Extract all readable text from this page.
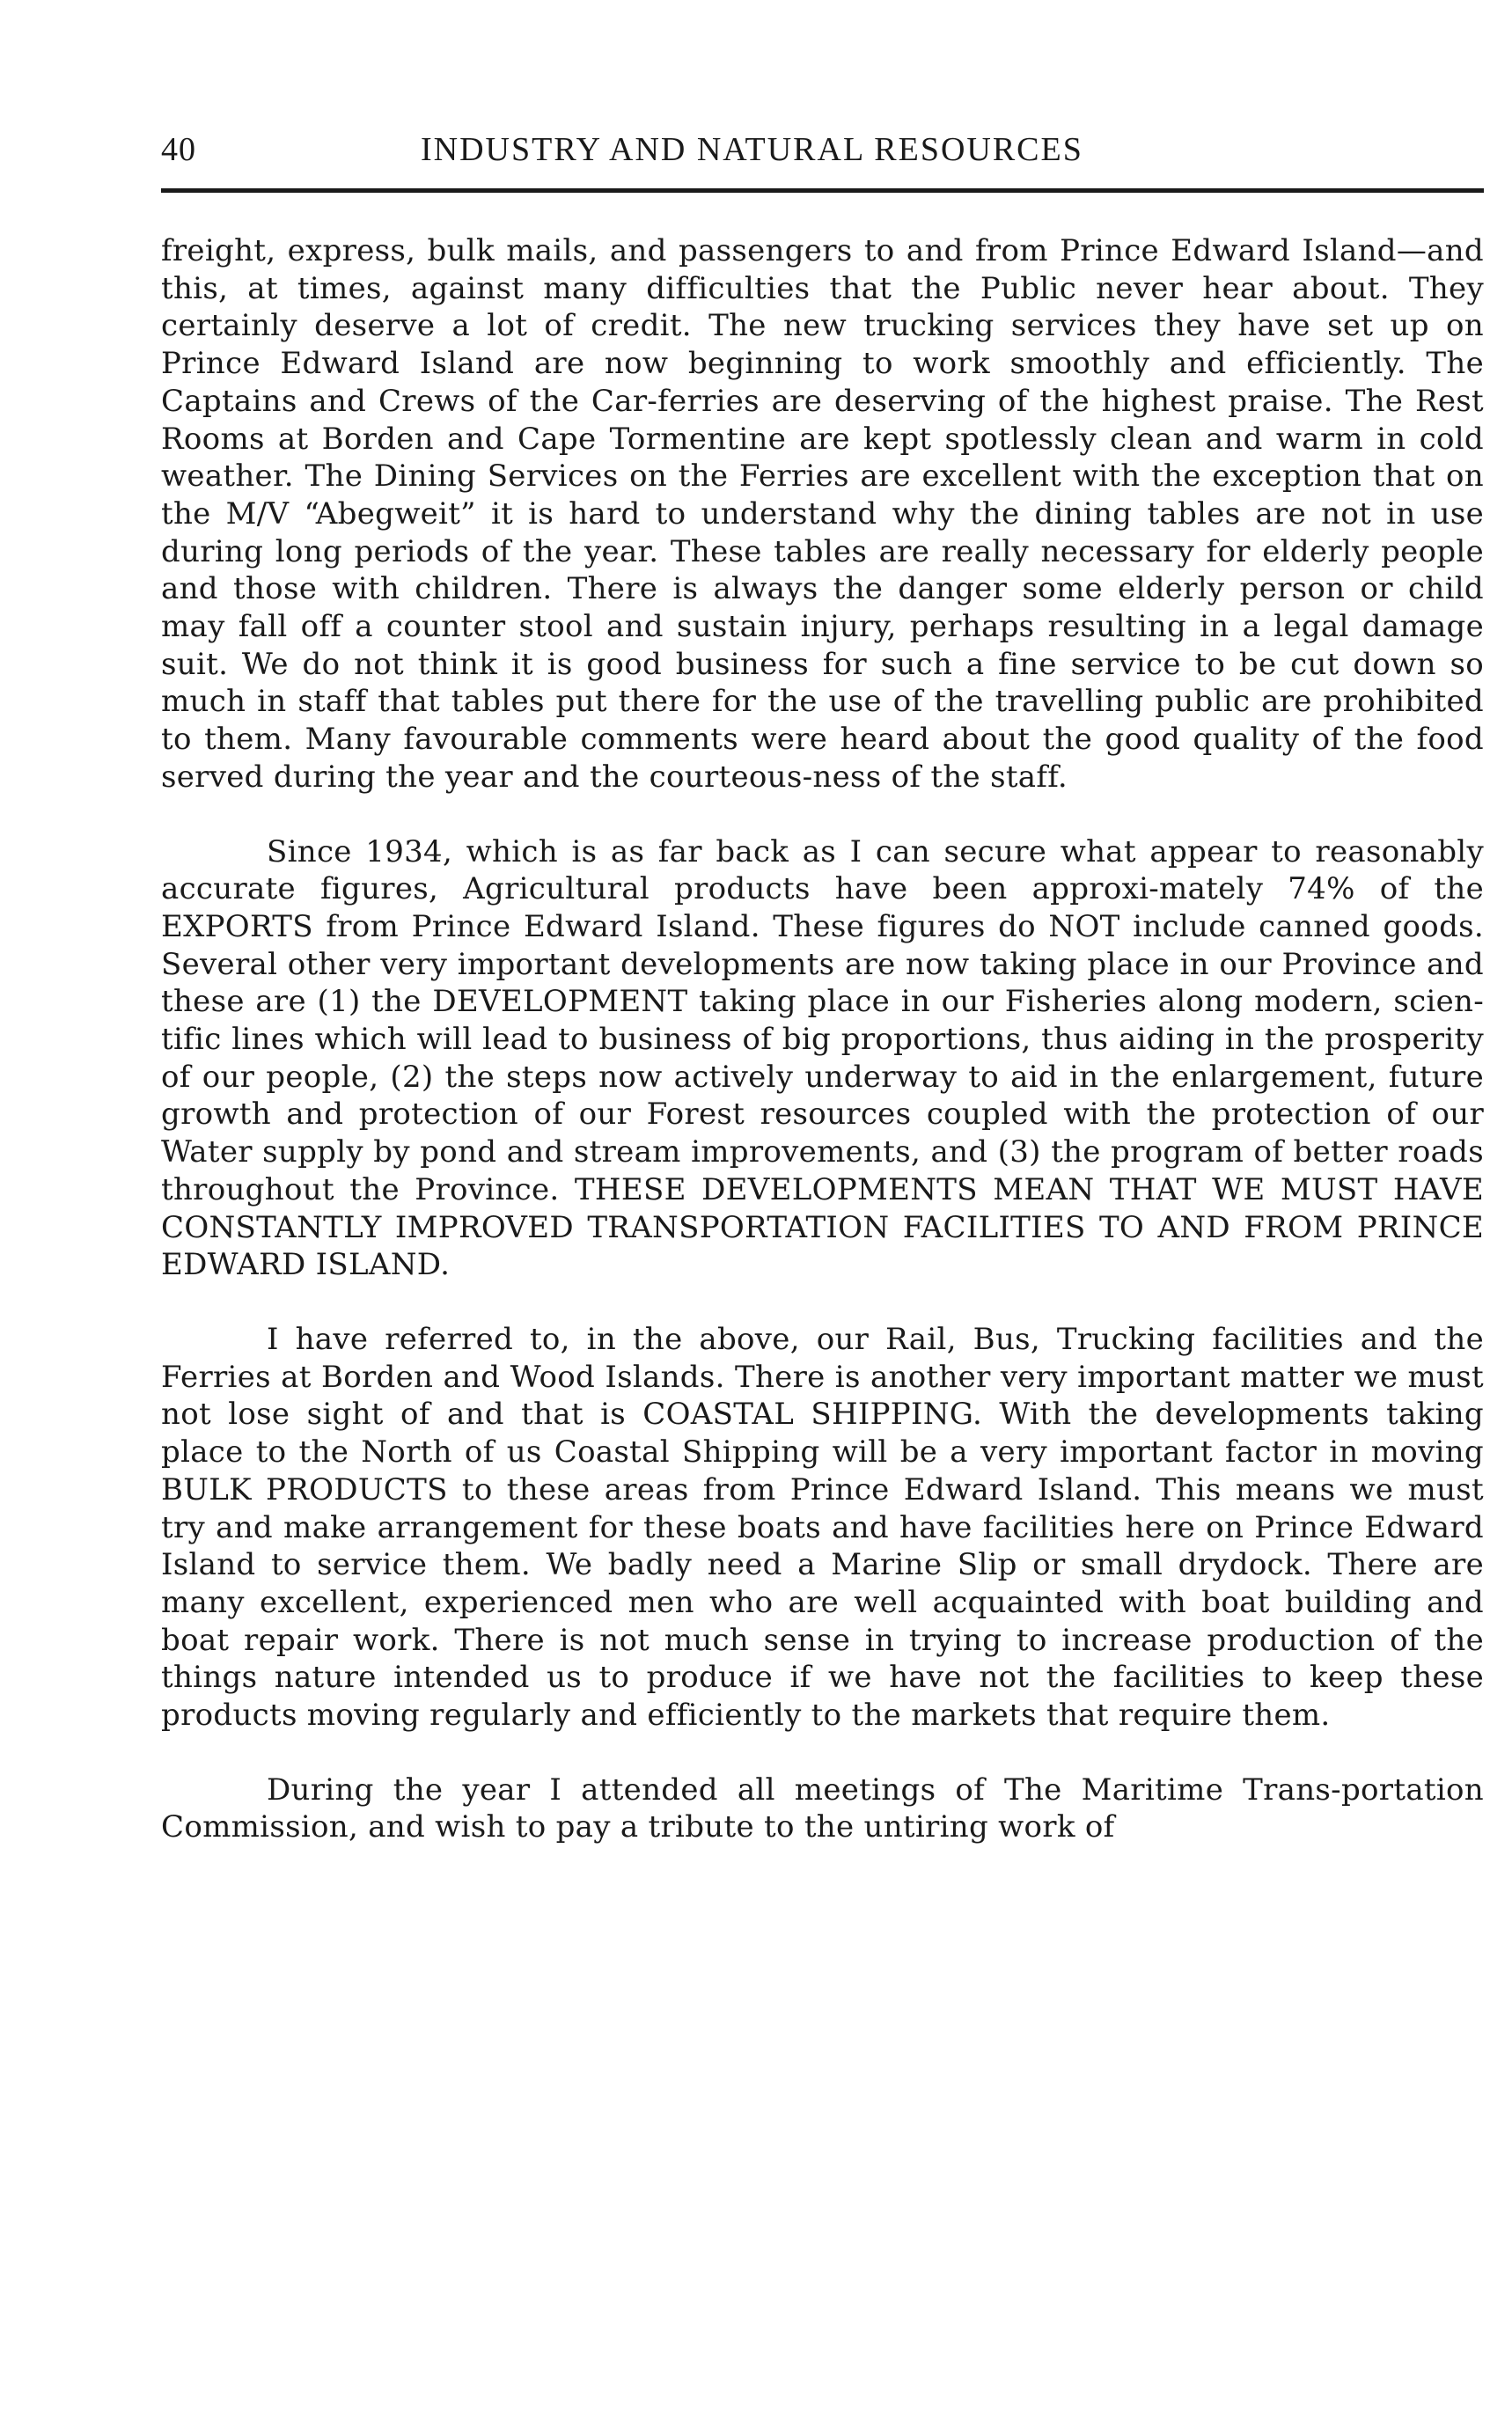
40	INDUSTRY AND NATURAL RESOURCES

freight, express, bulk mails, and passengers to and from Prince Edward Island—and this, at times, against many difficulties that the Public never hear about. They certainly deserve a lot of credit. The new trucking services they have set up on Prince Edward Island are now beginning to work smoothly and efficiently. The Captains and Crews of the Car-ferries are deserving of the highest praise. The Rest Rooms at Borden and Cape Tormentine are kept spotlessly clean and warm in cold weather. The Dining Services on the Ferries are excellent with the exception that on the M/V “Abegweit” it is hard to understand why the dining tables are not in use during long periods of the year. These tables are really necessary for elderly people and those with children. There is always the danger some elderly person or child may fall off a counter stool and sustain injury, perhaps resulting in a legal damage suit. We do not think it is good business for such a fine service to be cut down so much in staff that tables put there for the use of the travelling public are prohibited to them. Many favourable comments were heard about the good quality of the food served during the year and the courteous-ness of the staff.

Since 1934, which is as far back as I can secure what appear to reasonably accurate figures, Agricultural products have been approxi-mately 74% of the EXPORTS from Prince Edward Island. These figures do NOT include canned goods. Several other very important developments are now taking place in our Province and these are (1) the DEVELOPMENT taking place in our Fisheries along modern, scien-tific lines which will lead to business of big proportions, thus aiding in the prosperity of our people, (2) the steps now actively underway to aid in the enlargement, future growth and protection of our Forest resources coupled with the protection of our Water supply by pond and stream improvements, and (3) the program of better roads throughout the Province. THESE DEVELOPMENTS MEAN THAT WE MUST HAVE CONSTANTLY IMPROVED TRANSPORTATION FACILITIES TO AND FROM PRINCE EDWARD ISLAND.

I have referred to, in the above, our Rail, Bus, Trucking facilities and the Ferries at Borden and Wood Islands. There is another very important matter we must not lose sight of and that is COASTAL SHIPPING. With the developments taking place to the North of us Coastal Shipping will be a very important factor in moving BULK PRODUCTS to these areas from Prince Edward Island. This means we must try and make arrangement for these boats and have facilities here on Prince Edward Island to service them. We badly need a Marine Slip or small drydock. There are many excellent, experienced men who are well acquainted with boat building and boat repair work. There is not much sense in trying to increase production of the things nature intended us to produce if we have not the facilities to keep these products moving regularly and efficiently to the markets that require them.

During the year I attended all meetings of The Maritime Trans-portation Commission, and wish to pay a tribute to the untiring work of
